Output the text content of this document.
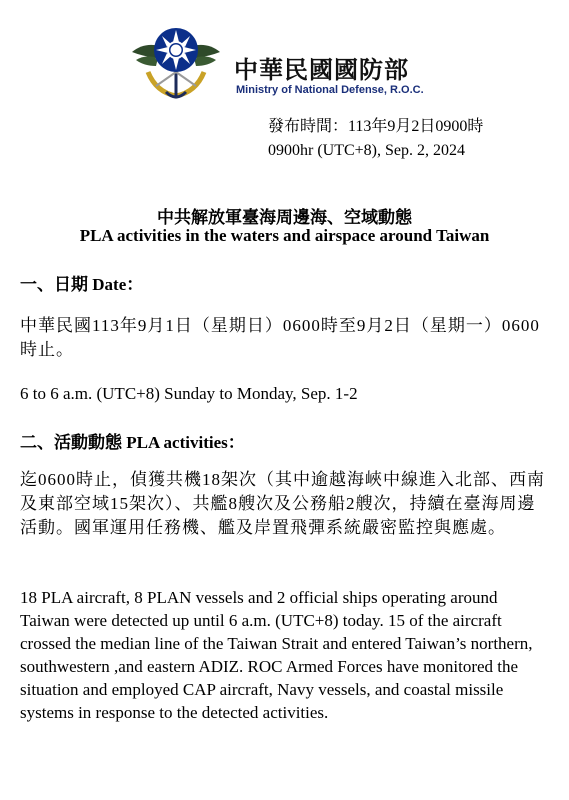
中華民國國防部
Ministry of National Defense, R.O.C.
發布時間：113年9月2日0900時
0900hr (UTC+8), Sep. 2, 2024
中共解放軍臺海周邊海、空域動態
PLA activities in the waters and airspace around Taiwan
一、日期 Date：
中華民國113年9月1日（星期日）0600時至9月2日（星期一）0600時止。
6 to 6 a.m. (UTC+8) Sunday to Monday, Sep. 1-2
二、活動動態 PLA activities：
迄0600時止，偵獲共機18架次（其中逾越海峽中線進入北部、西南及東部空域15架次）、共艦8艘次及公務船2艘次，持續在臺海周邊活動。國軍運用任務機、艦及岸置飛彈系統嚴密監控與應處。
18 PLA aircraft, 8 PLAN vessels and 2 official ships operating around Taiwan were detected up until 6 a.m. (UTC+8) today. 15 of the aircraft crossed the median line of the Taiwan Strait and entered Taiwan’s northern, southwestern ,and eastern ADIZ. ROC Armed Forces have monitored the situation and employed CAP aircraft, Navy vessels, and coastal missile systems in response to the detected activities.
